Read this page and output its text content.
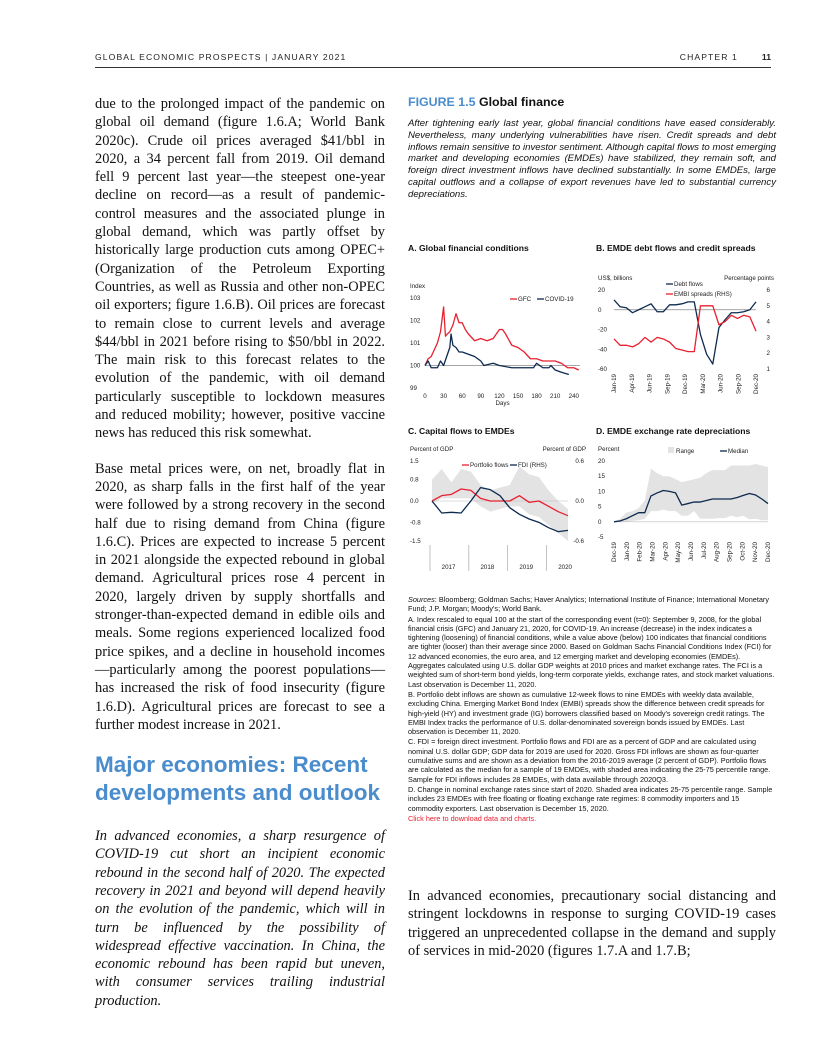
GLOBAL ECONOMIC PROSPECTS | JANUARY 2021	CHAPTER 1	11

due to the prolonged impact of the pandemic on global oil demand (figure 1.6.A; World Bank 2020c). Crude oil prices averaged $41/bbl in 2020, a 34 percent fall from 2019. Oil demand fell 9 percent last year—the steepest one-year decline on record—as a result of pandemic-control measures and the associated plunge in global demand, which was partly offset by historically large production cuts among OPEC+ (Organization of the Petroleum Exporting Countries, as well as Russia and other non-OPEC oil exporters; figure 1.6.B). Oil prices are forecast to remain close to current levels and average $44/bbl in 2021 before rising to $50/bbl in 2022. The main risk to this forecast relates to the evolution of the pandemic, with oil demand particularly susceptible to lockdown measures and reduced mobility; however, positive vaccine news has reduced this risk somewhat.

Base metal prices were, on net, broadly flat in 2020, as sharp falls in the first half of the year were followed by a strong recovery in the second half due to rising demand from China (figure 1.6.C). Prices are expected to increase 5 percent in 2021 alongside the expected rebound in global demand. Agricultural prices rose 4 percent in 2020, largely driven by supply shortfalls and stronger-than-expected demand in edible oils and meals. Some regions experienced localized food price spikes, and a decline in household incomes—particularly among the poorest populations—has increased the risk of food insecurity (figure 1.6.D). Agricultural prices are forecast to see a further modest increase in 2021.

Major economies: Recent developments and outlook

In advanced economies, a sharp resurgence of COVID-19 cut short an incipient economic rebound in the second half of 2020. The expected recovery in 2021 and beyond will depend heavily on the evolution of the pandemic, which will in turn be influenced by the possibility of widespread effective vaccination. In China, the economic rebound has been rapid but uneven, with consumer services trailing industrial production.

FIGURE 1.5 Global finance
After tightening early last year, global financial conditions have eased considerably. Nevertheless, many underlying vulnerabilities have risen. Credit spreads and debt inflows remain sensitive to investor sentiment. Although capital flows to most emerging market and developing economies (EMDEs) have stabilized, they remain soft, and foreign direct investment inflows have declined substantially. In some EMDEs, large capital outflows and a collapse of export revenues have led to substantial currency depreciations.
A. Global financial conditions
Index
99
100
101
102
103	GFC COVID-19
0 30 60 90 120 150 180 210 240
Days
B. EMDE debt flows and credit spreads
US$, billions	Percentage points
-60
-40
-20
0
20
1
2
3
4
5
6
Debt flows
EMBI spreads (RHS)
Jan-19 Apr-19 Jun-19 Sep-19 Dec-19 Mar-20 Jun-20 Sep-20 Dec-20
C. Capital flows to EMDEs
Percent of GDP	Percent of GDP
-1.5
-0.8
0.0
0.8
1.5
-0.6
0.0
0.6
Portfolio flows FDI (RHS)
2017	2018	2019	2020
D. EMDE exchange rate depreciations
Percent
-5
0
5
10
15
20
Range	Median
Dec-19 Jan-20 Feb-20 Mar-20 Apr-20 May-20 Jun-20 Jul-20 Aug-20 Sep-20 Oct-20 Nov-20 Dec-20

Sources: Bloomberg; Goldman Sachs; Haver Analytics; International Institute of Finance; International Monetary Fund; J.P. Morgan; Moody's; World Bank.

A. Index rescaled to equal 100 at the start of the corresponding event (t=0): September 9, 2008, for the global financial crisis (GFC) and January 21, 2020, for COVID-19. An increase (decrease) in the index indicates a tightening (loosening) of financial conditions, while a value above (below) 100 indicates that financial conditions are tighter (looser) than their average since 2000. Based on Goldman Sachs Financial Conditions Index (FCI) for 12 advanced economies, the euro area, and 12 emerging market and developing economies (EMDEs). Aggregates calculated using U.S. dollar GDP weights at 2010 prices and market exchange rates. The FCI is a weighted sum of short-term bond yields, long-term corporate yields, exchange rates, and stock market valuations. Last observation is December 11, 2020.

B. Portfolio debt inflows are shown as cumulative 12-week flows to nine EMDEs with weekly data available, excluding China. Emerging Market Bond Index (EMBI) spreads show the difference between credit spreads for high-yield (HY) and investment grade (IG) borrowers classified based on Moody's sovereign credit ratings. The EMBI Index tracks the performance of U.S. dollar-denominated sovereign bonds issued by EMDEs. Last observation is December 11, 2020.

C. FDI = foreign direct investment. Portfolio flows and FDI are as a percent of GDP and are calculated using nominal U.S. dollar GDP; GDP data for 2019 are used for 2020. Gross FDI inflows are shown as four-quarter cumulative sums and are shown as a deviation from the 2016-2019 average (2 percent of GDP). Portfolio flows are calculated as the median for a sample of 19 EMDEs, with shaded area indicating the 25-75 percentile range. Sample for FDI inflows includes 28 EMDEs, with data available through 2020Q3.

D. Change in nominal exchange rates since start of 2020. Shaded area indicates 25-75 percentile range. Sample includes 23 EMDEs with free floating or floating exchange rate regimes: 8 commodity importers and 15 commodity exporters. Last observation is December 15, 2020.

Click here to download data and charts.

In advanced economies, precautionary social distancing and stringent lockdowns in response to surging COVID-19 cases triggered an unprecedented collapse in the demand and supply of services in mid-2020 (figures 1.7.A and 1.7.B;
